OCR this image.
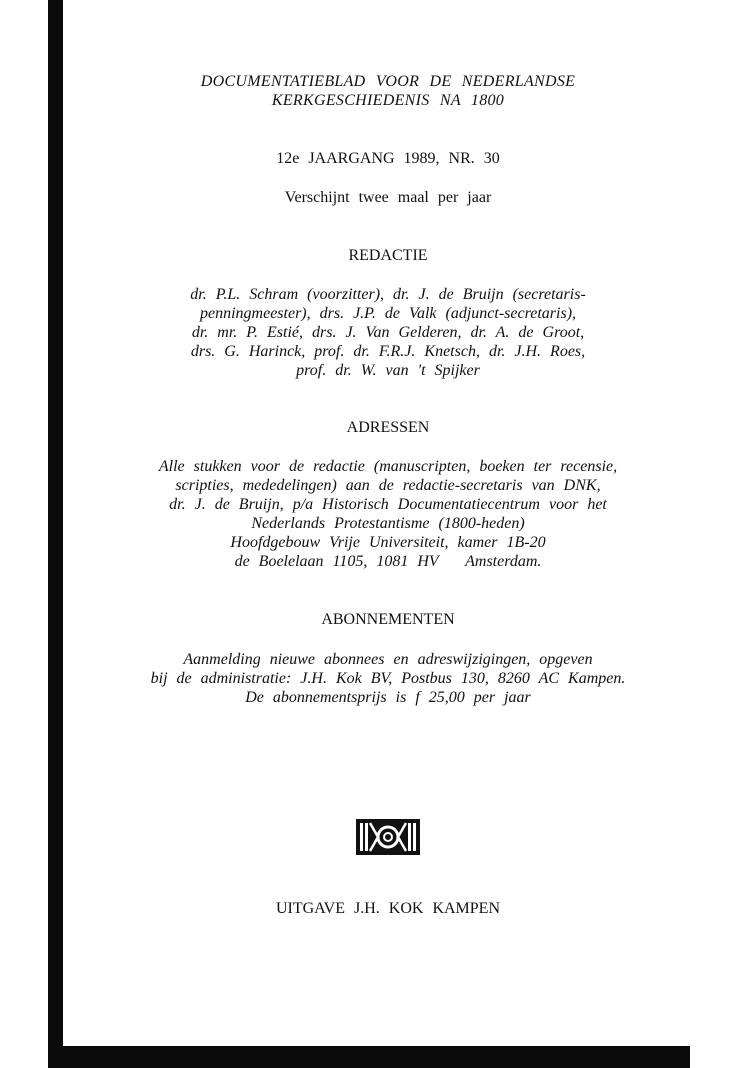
DOCUMENTATIEBLAD VOOR DE NEDERLANDSE
KERKGESCHIEDENIS NA 1800
12e JAARGANG 1989, NR. 30
Verschijnt twee maal per jaar
REDACTIE
dr. P.L. Schram (voorzitter), dr. J. de Bruijn (secretaris-
penningmeester), drs. J.P. de Valk (adjunct-secretaris),
dr. mr. P. Estié, drs. J. Van Gelderen, dr. A. de Groot,
drs. G. Harinck, prof. dr. F.R.J. Knetsch, dr. J.H. Roes,
prof. dr. W. van 't Spijker
ADRESSEN
Alle stukken voor de redactie (manuscripten, boeken ter recensie,
scripties, mededelingen) aan de redactie-secretaris van DNK,
dr. J. de Bruijn, p/a Historisch Documentatiecentrum voor het
Nederlands Protestantisme (1800-heden)
Hoofdgebouw Vrije Universiteit, kamer 1B-20
de Boelelaan 1105, 1081 HV   Amsterdam.
ABONNEMENTEN
Aanmelding nieuwe abonnees en adreswijzigingen, opgeven
bij de administratie: J.H. Kok BV, Postbus 130, 8260 AC Kampen.
De abonnementsprijs is f 25,00 per jaar
UITGAVE J.H. KOK KAMPEN
